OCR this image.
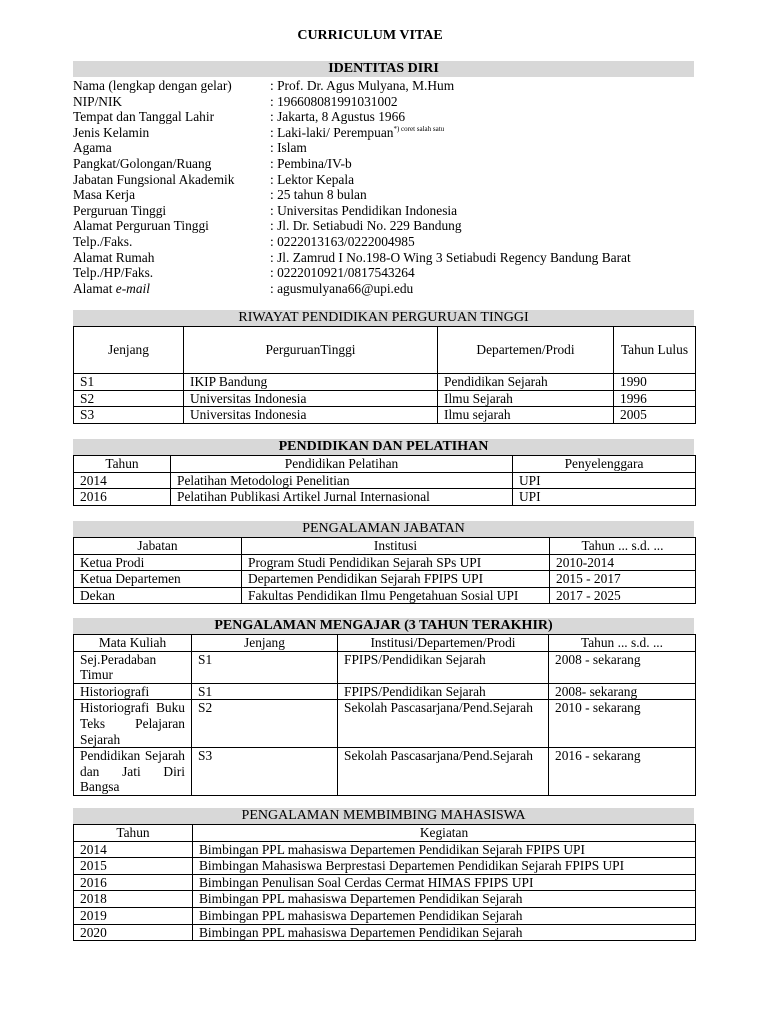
CURRICULUM VITAE
IDENTITAS DIRI
Nama (lengkap dengan gelar)	: Prof. Dr. Agus Mulyana, M.Hum
NIP/NIK	: 196608081991031002
Tempat dan Tanggal Lahir	: Jakarta, 8 Agustus 1966
Jenis Kelamin	: Laki-laki/ Perempuan$^{*) coret salah satu}$
Agama	: Islam
Pangkat/Golongan/Ruang	: Pembina/IV-b
Jabatan Fungsional Akademik	: Lektor Kepala
Masa Kerja	: 25 tahun 8 bulan
Perguruan Tinggi	: Universitas Pendidikan Indonesia
Alamat Perguruan Tinggi	: Jl. Dr. Setiabudi No. 229 Bandung
Telp./Faks.	: 0222013163/0222004985
Alamat Rumah	: Jl. Zamrud I No.198-O Wing 3 Setiabudi Regency Bandung Barat
Telp./HP/Faks.	: 0222010921/0817543264
Alamat e-mail	: agusmulyana66@upi.edu
RIWAYAT PENDIDIKAN PERGURUAN TINGGI
Jenjang	PerguruanTinggi	Departemen/Prodi	Tahun Lulus
S1	IKIP Bandung	Pendidikan Sejarah	1990
S2	Universitas Indonesia	Ilmu Sejarah	1996
S3	Universitas Indonesia	Ilmu sejarah	2005
PENDIDIKAN DAN PELATIHAN
Tahun	Pendidikan Pelatihan	Penyelenggara
2014	Pelatihan Metodologi Penelitian	UPI
2016	Pelatihan Publikasi Artikel Jurnal Internasional	UPI
PENGALAMAN JABATAN
Jabatan	Institusi	Tahun ... s.d. ...
Ketua Prodi	Program Studi Pendidikan Sejarah SPs UPI	2010-2014
Ketua Departemen	Departemen Pendidikan Sejarah FPIPS UPI	2015 - 2017
Dekan	Fakultas Pendidikan Ilmu Pengetahuan Sosial UPI	2017 - 2025
PENGALAMAN MENGAJAR (3 TAHUN TERAKHIR)
Mata Kuliah	Jenjang	Institusi/Departemen/Prodi	Tahun ... s.d. ...
Sej.Peradaban Timur	S1	FPIPS/Pendidikan Sejarah	2008 - sekarang
Historiografi	S1	FPIPS/Pendidikan Sejarah	2008- sekarang
Historiografi Buku Teks Pelajaran Sejarah	S2	Sekolah Pascasarjana/Pend.Sejarah	2010 - sekarang
Pendidikan Sejarah dan Jati Diri Bangsa	S3	Sekolah Pascasarjana/Pend.Sejarah	2016 - sekarang
PENGALAMAN MEMBIMBING MAHASISWA
Tahun	Kegiatan
2014	Bimbingan PPL mahasiswa Departemen Pendidikan Sejarah FPIPS UPI
2015	Bimbingan Mahasiswa Berprestasi Departemen Pendidikan Sejarah FPIPS UPI
2016	Bimbingan Penulisan Soal Cerdas Cermat HIMAS FPIPS UPI
2018	Bimbingan PPL mahasiswa Departemen Pendidikan Sejarah
2019	Bimbingan PPL mahasiswa Departemen Pendidikan Sejarah
2020	Bimbingan PPL mahasiswa Departemen Pendidikan Sejarah
